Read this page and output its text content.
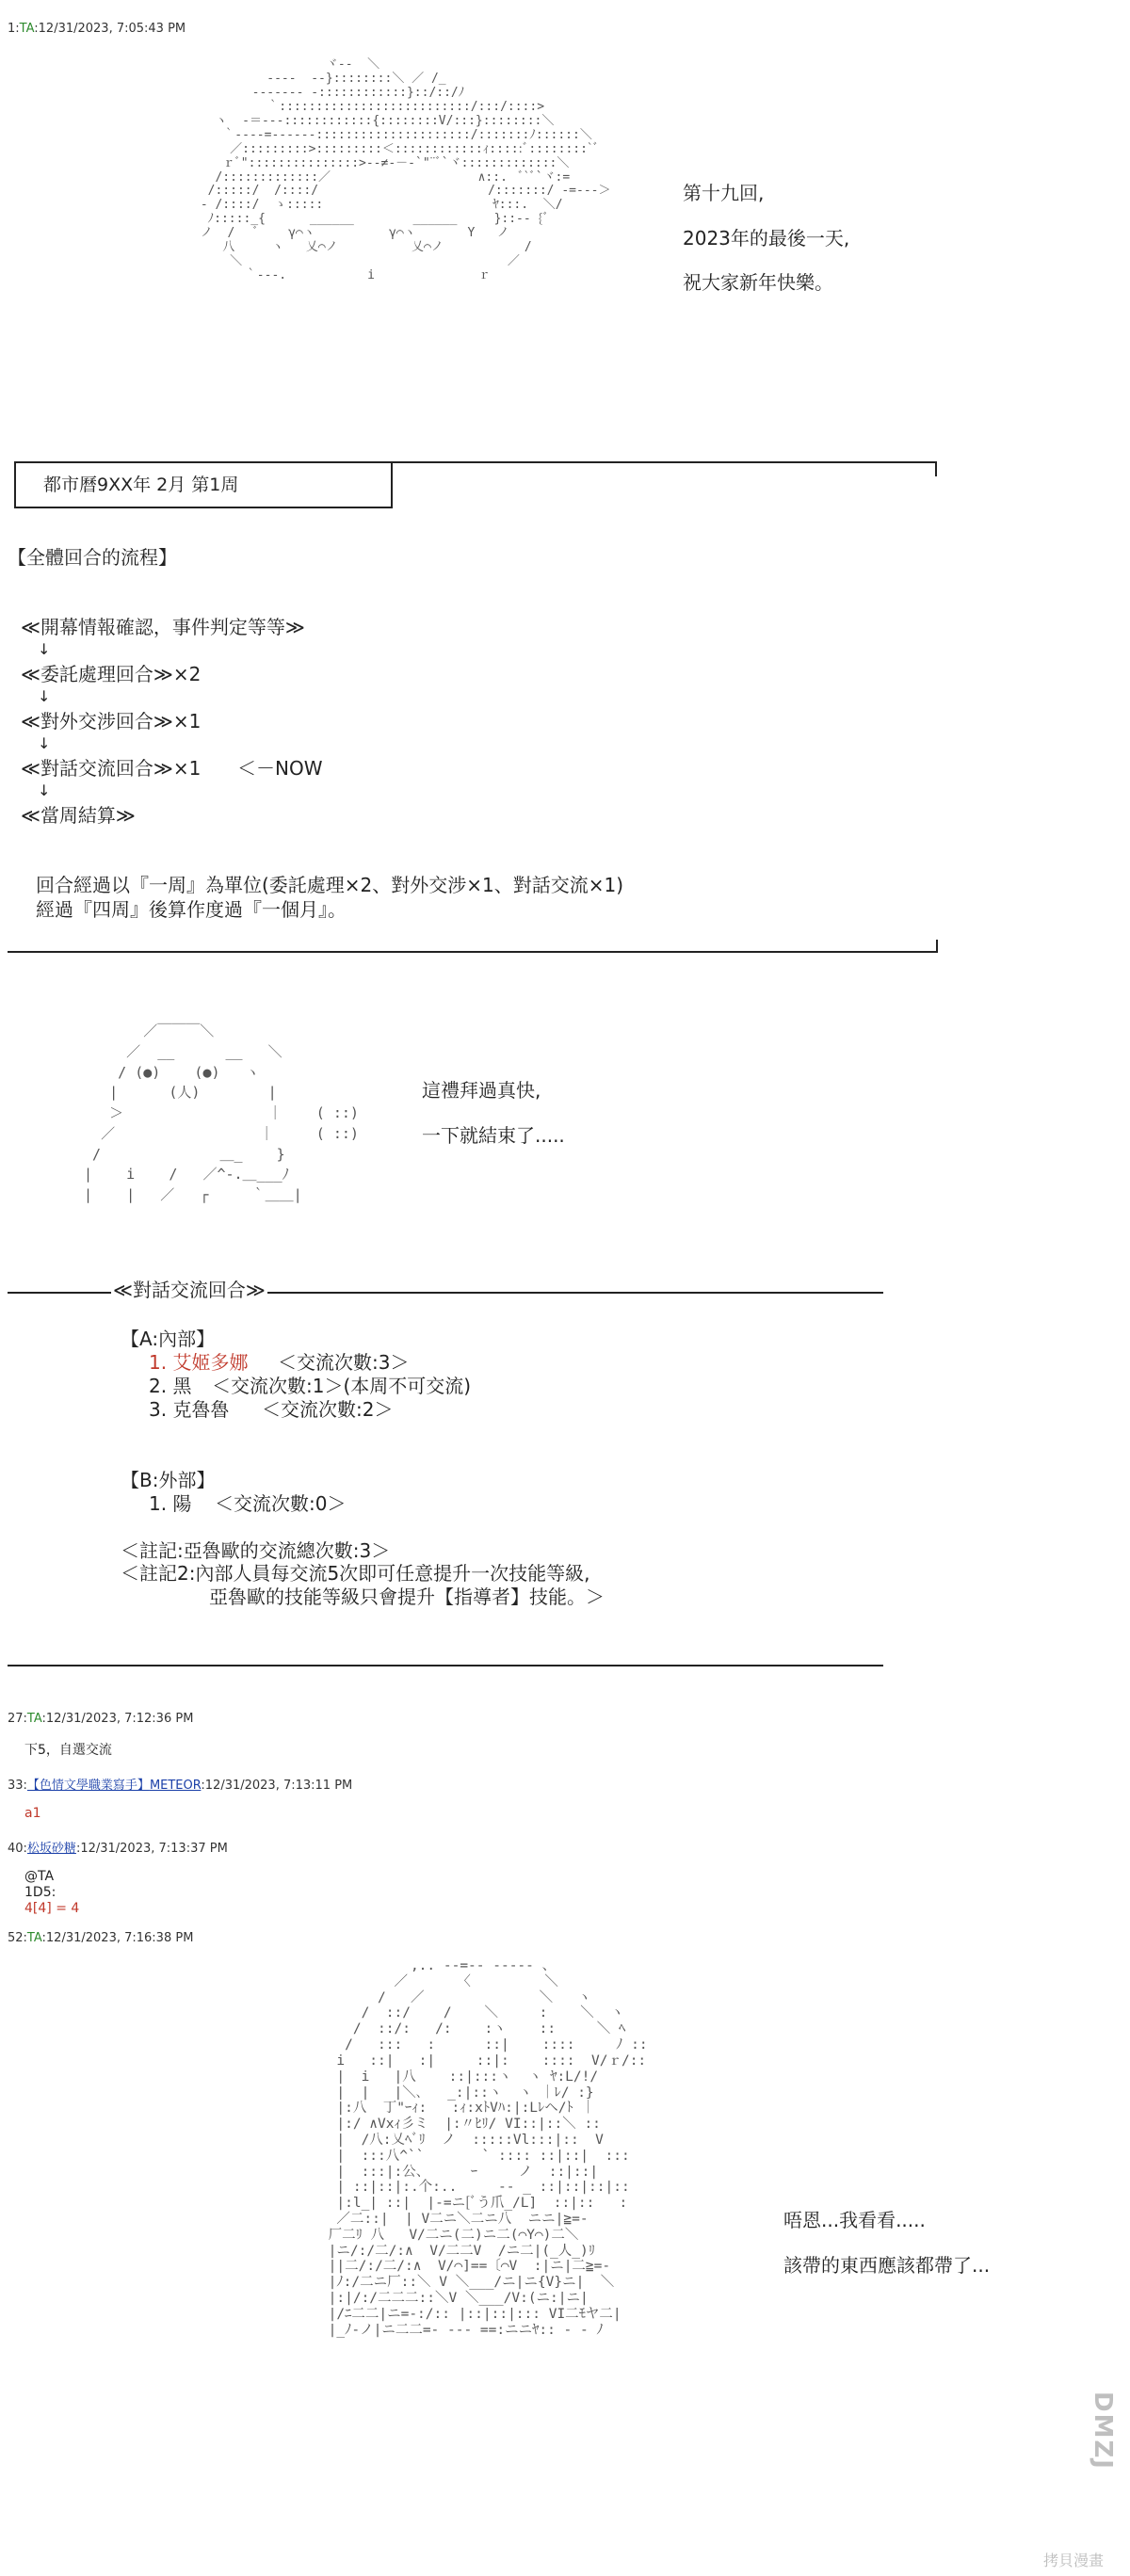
1:TA:12/31/2023, 7:05:43 PM
ヾ-‐  ＼
‐‐‐-  -‐}::::::::＼ ／ /_
‐‐‐-‐-- ‐::::::::::::}::/::/ﾉ
｀::::::::::::::::::::::::::/:::/::::>
ヽ  ‐＝‐‐‐::::::::::::{::::::::V/:::}::::::::＼
｀‐‐‐-=‐-‐‐-‐:::::::::::::::::::::/:::::::ﾉ::::::＼
／:::::::::>:::::::::＜::::::::::::ｨ:::::ﾞ::::::::`ﾞ
ｒﾞ":::::::::::::::>‐‐≠‐－‐`"¨ﾞ`ヾ:::::::::::::＼
/:::::::::::::／                    ∧::.  ﾞ`ﾞ`ヾ:=
/:::::/  /::::/                       /:::::::/ ‐=‐‐‐＞
‐ /::::/  ゝ:::::                       ﾔ:::.  ＼/
ﾉ:::::_{      ______        ______     }::‐‐ {ﾞ
ノ  /   ﾞ    γ⌒ヽ          γ⌒ヽ       Y   ノ
八     ヽ   乂⌒ノ          乂⌒ノ           /
＼                                    ／
｀‐-‐.           i              ｒ

第十九回,
2023年的最後一天,
祝大家新年快樂。
都市曆9XX年 2月 第1周
【全體回合的流程】
≪開幕情報確認，事件判定等等≫
↓
≪委託處理回合≫×2
↓
≪對外交涉回合≫×1
↓
≪對話交流回合≫×1 ＜－NOW
↓
≪當周結算≫
回合經過以『一周』為單位(委託處理×2、對外交涉×1、對話交流×1)
經過『四周』後算作度過『一個月』。
／￣￣￣＼
／  __      __   ＼
/ (●)    (●)   ヽ
|      (人)        |
＞                 ｜    ( ::)
／                 ｜     ( ::)
/              ＿_    }
|    i    /   ／^‐.＿___ﾉ
|    |   ／   ┌     ｀＿＿|

這禮拜過真快,
一下就結束了.....
≪對話交流回合≫
【A:內部】
1. 艾姬多娜 ＜交流次數:3＞
2. 黑 ＜交流次數:1＞(本周不可交流)
3. 克魯魯 ＜交流次數:2＞
【B:外部】
1. 陽 ＜交流次數:0＞
＜註記:亞魯歐的交流總次數:3＞
＜註記2:內部人員每交流5次即可任意提升一次技能等級,
亞魯歐的技能等級只會提升【指導者】技能。＞
27:TA:12/31/2023, 7:12:36 PM
下5，自選交流
33:【色情文學職業寫手】METEOR:12/31/2023, 7:13:11 PM
a1
40:松坂砂糖:12/31/2023, 7:13:37 PM
@TA
1D5:
4[4] = 4
52:TA:12/31/2023, 7:16:38 PM
,.. -‐=‐‐ ‐‐‐‐- 、
／      〈         ＼
/   ／              ＼   ヽ
/  ::/    /    ＼     :    ＼  ヽ
/  ::/:   /:    :ヽ    ::     ＼ ﾍ
/   :::   :      ::|    ::::     ﾉ ::
i   ::|   :|     ::|:    ::::  V/ｒ/::
|  i   |八    ::|:::ヽ  ヽ ﾔ:L/!/
|  |   |＼､   _:|::ヽ  ヽ ｜ﾚ/ :}
|:八  丁"ｰｨ:   :ｨ:xﾄVﾊ:|:Lﾚヘ/ﾄ ｜
|:/ ∧Vxｨ彡ミ  |:〃ﾋﾘ/ VI::|::＼ ::
|  /八:乂ﾍﾞﾘ  ノ  :::::Vl:::|::  V
|  :::八^``       ` :::: ::|::|  :::
|  :::|:公、     ｰ     ノ  ::|::|
| ::|::|:.个:..     -‐ _ ::|::|::|::
|:l_| ::|  |-=ニ[ﾞう爪_/L]  ::|::   :
／二::|  | V二ニ＼二ニ八  ニニ|≧=‐
厂二ﾘ 八   V/二ニ(二)ニ二(⌒Y⌒)二＼
|ニ/:/二/:∧  V/二二V  /ニ二|(_人_)ﾘ
||二/:/二/:∧  V/⌒]==〔⌒V  :|ニ|二≧=-
|ﾉ:/二ニ厂::＼ V ＼___/ニ|ニ{V}ニ|  ＼
|:|/:/二二二::＼V ＼___/V:(ニ:|ニ|
|/ﾆ二二|ニ=-:/:: |::|::|::: VI二ﾓヤ二|
|_ﾉ‐ノ|ニ二二=‐ ‐‐‐ ==:ニニﾔ:: ‐ ‐ ﾉ

唔恩...我看看.....
該帶的東西應該都帶了...
DMZJ
拷貝漫畫
